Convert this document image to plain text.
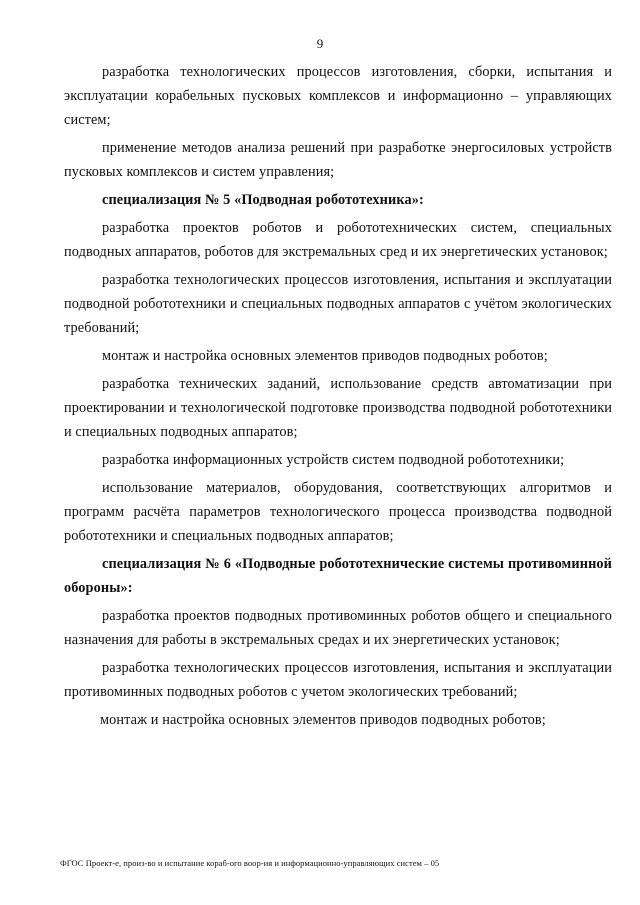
9

разработка технологических процессов изготовления, сборки, испытания и эксплуатации корабельных пусковых комплексов и информационно – управляющих систем;

применение методов анализа решений при разработке энергосиловых устройств пусковых комплексов и систем управления;

специализация № 5 «Подводная робототехника»:

разработка проектов роботов и робототехнических систем, специальных подводных аппаратов, роботов для экстремальных сред и их энергетических установок;

разработка технологических процессов изготовления, испытания и эксплуатации подводной робототехники и специальных подводных аппаратов с учётом экологических требований;

монтаж и настройка основных элементов приводов подводных роботов;

разработка технических заданий, использование средств автоматизации при проектировании и технологической подготовке производства подводной робототехники и специальных подводных аппаратов;

разработка информационных устройств систем подводной робототехники;

использование материалов, оборудования, соответствующих алгоритмов и программ расчёта параметров технологического процесса производства подводной робототехники и специальных подводных аппаратов;

специализация № 6 «Подводные робототехнические системы противоминной обороны»:

разработка проектов подводных противоминных роботов общего и специального назначения для работы в экстремальных средах и их энергетических установок;

разработка технологических процессов изготовления, испытания и эксплуатации противоминных подводных роботов с учетом экологических требований;

монтаж и настройка основных элементов приводов подводных роботов;

ФГОС Проект-е, произ-во и испытание кораб-ого воор-ия и информационно-управляющих систем – 05
